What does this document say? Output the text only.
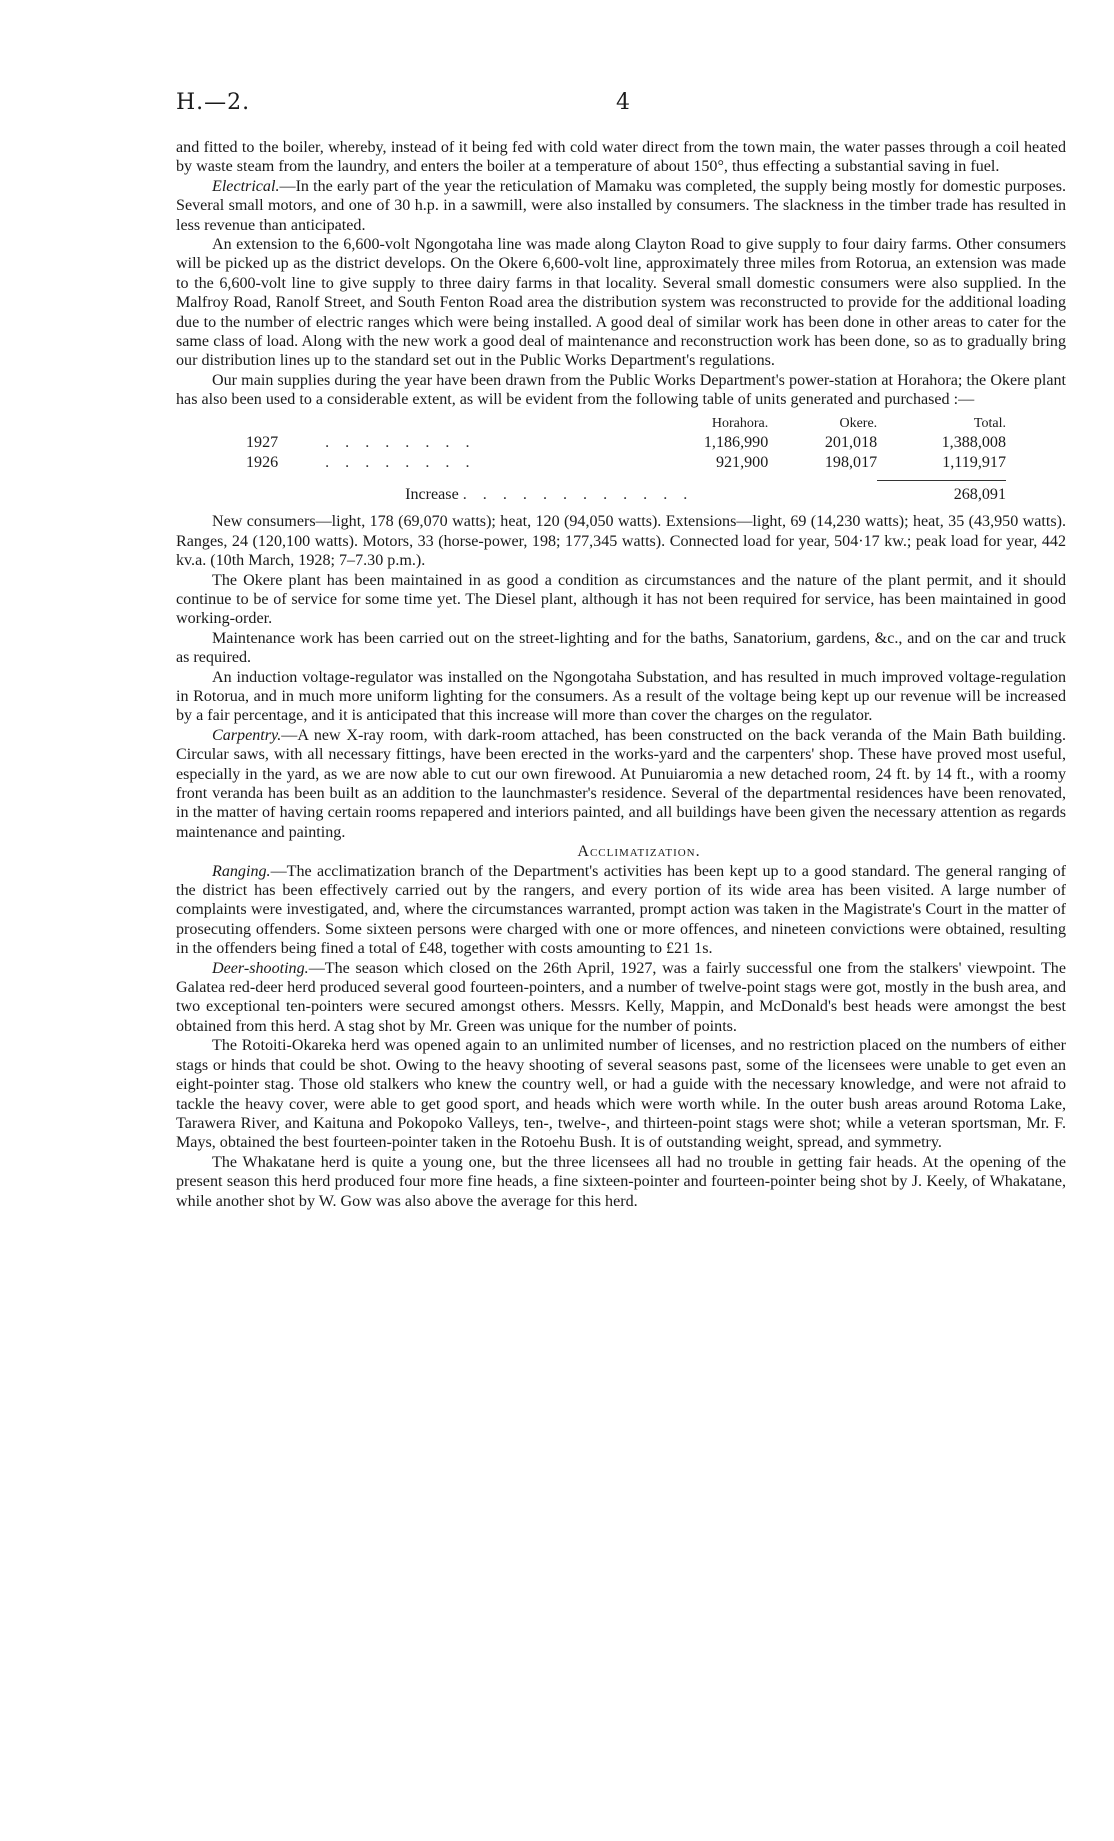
H.—2.	4

and fitted to the boiler, whereby, instead of it being fed with cold water direct from the town main, the water passes through a coil heated by waste steam from the laundry, and enters the boiler at a temperature of about 150°, thus effecting a substantial saving in fuel.

Electrical.—In the early part of the year the reticulation of Mamaku was completed, the supply being mostly for domestic purposes. Several small motors, and one of 30 h.p. in a sawmill, were also installed by consumers. The slackness in the timber trade has resulted in less revenue than anticipated.

An extension to the 6,600-volt Ngongotaha line was made along Clayton Road to give supply to four dairy farms. Other consumers will be picked up as the district develops. On the Okere 6,600-volt line, approximately three miles from Rotorua, an extension was made to the 6,600-volt line to give supply to three dairy farms in that locality. Several small domestic consumers were also supplied. In the Malfroy Road, Ranolf Street, and South Fenton Road area the distribution system was reconstructed to provide for the additional loading due to the number of electric ranges which were being installed. A good deal of similar work has been done in other areas to cater for the same class of load. Along with the new work a good deal of maintenance and reconstruction work has been done, so as to gradually bring our distribution lines up to the standard set out in the Public Works Department's regulations.

Our main supplies during the year have been drawn from the Public Works Department's power-station at Horahora; the Okere plant has also been used to a considerable extent, as will be evident from the following table of units generated and purchased :—

		Horahora.	Okere.	Total.
1927	. . . . . . . .	1,186,990	201,018	1,388,008
1926	. . . . . . . .	921,900	198,017	1,119,917

	Increase . . . . . . . . . . . .			268,091

New consumers—light, 178 (69,070 watts); heat, 120 (94,050 watts). Extensions—light, 69 (14,230 watts); heat, 35 (43,950 watts). Ranges, 24 (120,100 watts). Motors, 33 (horse-power, 198; 177,345 watts). Connected load for year, 504·17 kw.; peak load for year, 442 kv.a. (10th March, 1928; 7–7.30 p.m.).

The Okere plant has been maintained in as good a condition as circumstances and the nature of the plant permit, and it should continue to be of service for some time yet. The Diesel plant, although it has not been required for service, has been maintained in good working-order.

Maintenance work has been carried out on the street-lighting and for the baths, Sanatorium, gardens, &c., and on the car and truck as required.

An induction voltage-regulator was installed on the Ngongotaha Substation, and has resulted in much improved voltage-regulation in Rotorua, and in much more uniform lighting for the consumers. As a result of the voltage being kept up our revenue will be increased by a fair percentage, and it is anticipated that this increase will more than cover the charges on the regulator.

Carpentry.—A new X-ray room, with dark-room attached, has been constructed on the back veranda of the Main Bath building. Circular saws, with all necessary fittings, have been erected in the works-yard and the carpenters' shop. These have proved most useful, especially in the yard, as we are now able to cut our own firewood. At Punuiaromia a new detached room, 24 ft. by 14 ft., with a roomy front veranda has been built as an addition to the launchmaster's residence. Several of the departmental residences have been renovated, in the matter of having certain rooms repapered and interiors painted, and all buildings have been given the necessary attention as regards maintenance and painting.

Acclimatization.

Ranging.—The acclimatization branch of the Department's activities has been kept up to a good standard. The general ranging of the district has been effectively carried out by the rangers, and every portion of its wide area has been visited. A large number of complaints were investigated, and, where the circumstances warranted, prompt action was taken in the Magistrate's Court in the matter of prosecuting offenders. Some sixteen persons were charged with one or more offences, and nineteen convictions were obtained, resulting in the offenders being fined a total of £48, together with costs amounting to £21 1s.

Deer-shooting.—The season which closed on the 26th April, 1927, was a fairly successful one from the stalkers' viewpoint. The Galatea red-deer herd produced several good fourteen-pointers, and a number of twelve-point stags were got, mostly in the bush area, and two exceptional ten-pointers were secured amongst others. Messrs. Kelly, Mappin, and McDonald's best heads were amongst the best obtained from this herd. A stag shot by Mr. Green was unique for the number of points.

The Rotoiti-Okareka herd was opened again to an unlimited number of licenses, and no restriction placed on the numbers of either stags or hinds that could be shot. Owing to the heavy shooting of several seasons past, some of the licensees were unable to get even an eight-pointer stag. Those old stalkers who knew the country well, or had a guide with the necessary knowledge, and were not afraid to tackle the heavy cover, were able to get good sport, and heads which were worth while. In the outer bush areas around Rotoma Lake, Tarawera River, and Kaituna and Pokopoko Valleys, ten-, twelve-, and thirteen-point stags were shot; while a veteran sportsman, Mr. F. Mays, obtained the best fourteen-pointer taken in the Rotoehu Bush. It is of outstanding weight, spread, and symmetry.

The Whakatane herd is quite a young one, but the three licensees all had no trouble in getting fair heads. At the opening of the present season this herd produced four more fine heads, a fine sixteen-pointer and fourteen-pointer being shot by J. Keely, of Whakatane, while another shot by W. Gow was also above the average for this herd.
